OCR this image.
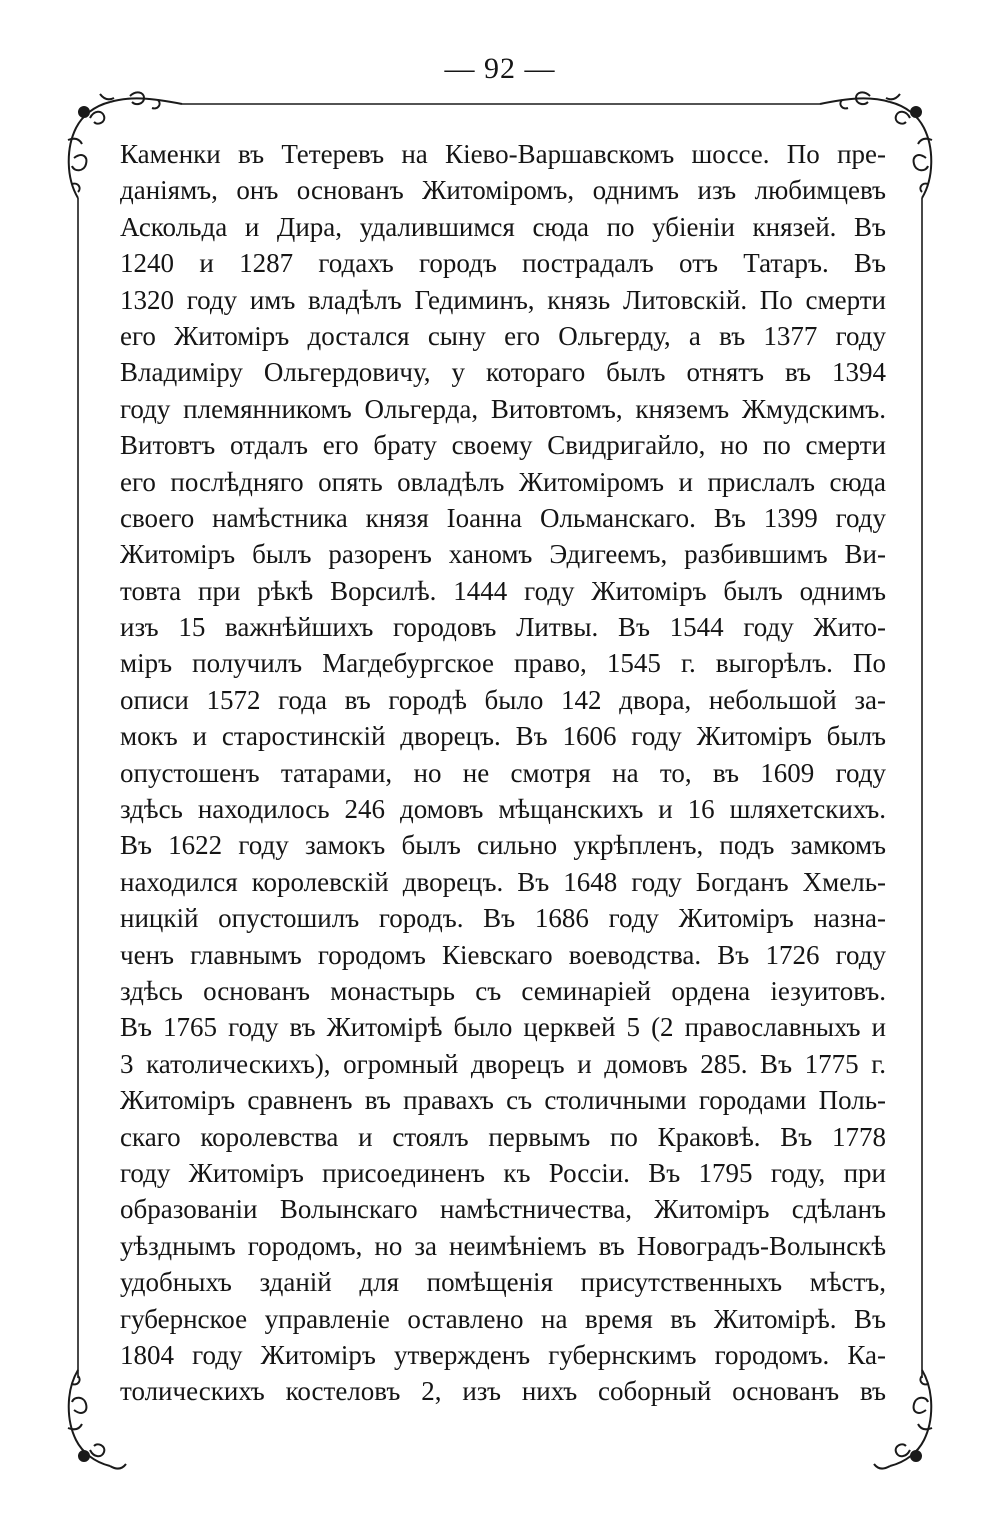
— 92 —
Каменки въ Тетеревъ на Кіево-Варшавскомъ шоссе. По пре-
даніямъ, онъ основанъ Житоміромъ, однимъ изъ любимцевъ
Аскольда и Дира, удалившимся сюда по убіеніи князей. Въ
1240 и 1287 годахъ городъ пострадалъ отъ Татаръ. Въ
1320 году имъ владѣлъ Гедиминъ, князь Литовскій. По смерти
его Житоміръ достался сыну его Ольгерду, а въ 1377 году
Владиміру Ольгердовичу, у котораго былъ отнятъ въ 1394
году племянникомъ Ольгерда, Витовтомъ, княземъ Жмудскимъ.
Витовтъ отдалъ его брату своему Свидригайло, но по смерти
его послѣдняго опять овладѣлъ Житоміромъ и прислалъ сюда
своего намѣстника князя Іоанна Ольманскаго. Въ 1399 году
Житоміръ былъ разоренъ ханомъ Эдигеемъ, разбившимъ Ви-
товта при рѣкѣ Ворсилѣ. 1444 году Житоміръ былъ однимъ
изъ 15 важнѣйшихъ городовъ Литвы. Въ 1544 году Жито-
міръ получилъ Магдебургское право, 1545 г. выгорѣлъ. По
описи 1572 года въ городѣ было 142 двора, небольшой за-
мокъ и старостинскій дворецъ. Въ 1606 году Житоміръ былъ
опустошенъ татарами, но не смотря на то, въ 1609 году
здѣсь находилось 246 домовъ мѣщанскихъ и 16 шляхетскихъ.
Въ 1622 году замокъ былъ сильно укрѣпленъ, подъ замкомъ
находился королевскій дворецъ. Въ 1648 году Богданъ Хмель-
ницкій опустошилъ городъ. Въ 1686 году Житоміръ назна-
ченъ главнымъ городомъ Кіевскаго воеводства. Въ 1726 году
здѣсь основанъ монастырь съ семинаріей ордена іезуитовъ.
Въ 1765 году въ Житомірѣ было церквей 5 (2 православныхъ и
3 католическихъ), огромный дворецъ и домовъ 285. Въ 1775 г.
Житоміръ сравненъ въ правахъ съ столичными городами Поль-
скаго королевства и стоялъ первымъ по Краковѣ. Въ 1778
году Житоміръ присоединенъ къ Россіи. Въ 1795 году, при
образованіи Волынскаго намѣстничества, Житоміръ сдѣланъ
уѣзднымъ городомъ, но за неимѣніемъ въ Новоградъ-Волынскѣ
удобныхъ зданій для помѣщенія присутственныхъ мѣстъ,
губернское управленіе оставлено на время въ Житомірѣ. Въ
1804 году Житоміръ утвержденъ губернскимъ городомъ. Ка-
толическихъ костеловъ 2, изъ нихъ соборный основанъ въ
